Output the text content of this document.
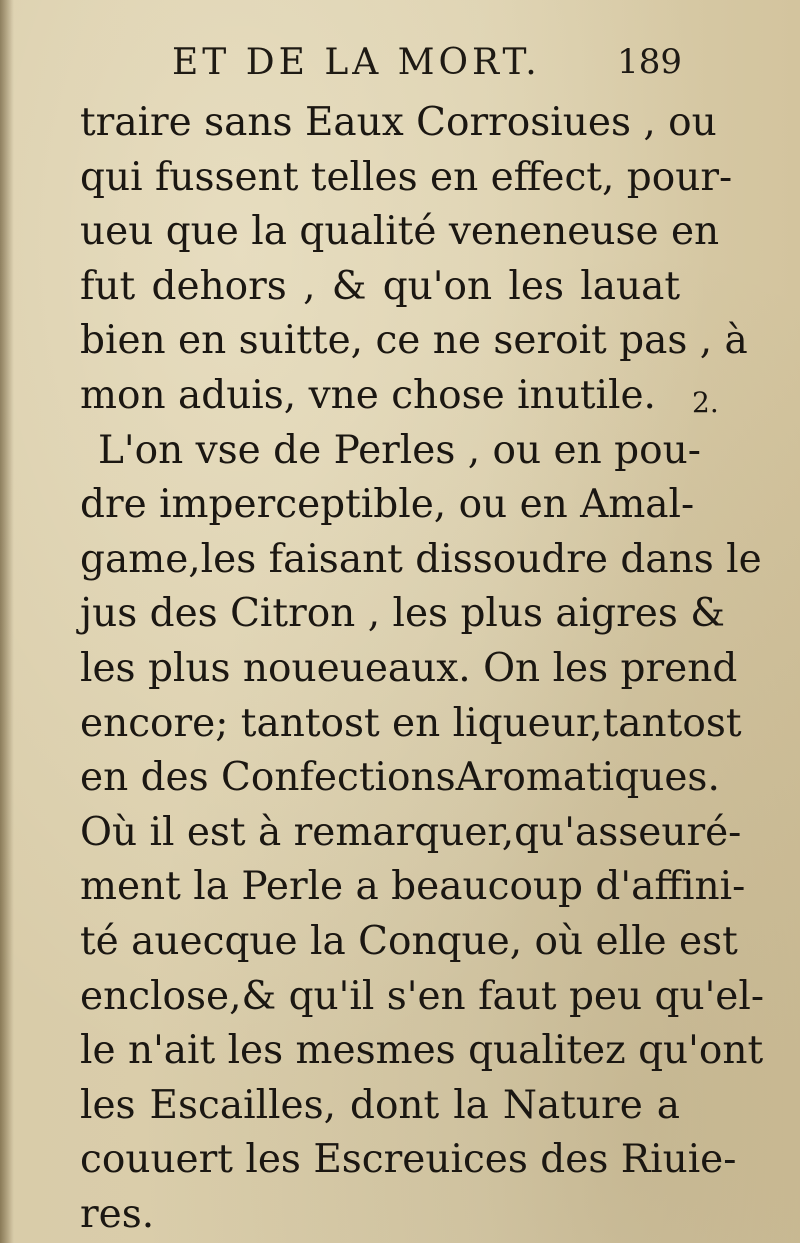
ET DE LA MORT. 189
traire sans Eaux Corrosiues , ou
qui fussent telles en effect, pour-
ueu que la qualité veneneuse en
fut dehors , & qu'on les lauat
bien en suitte, ce ne seroit pas , à
mon aduis, vne chose inutile.
L'on vse de Perles , ou en pou-
dre imperceptible, ou en Amal-
game,les faisant dissoudre dans le
jus des Citron , les plus aigres &
les plus noueueaux. On les prend
encore; tantost en liqueur,tantost
en des ConfectionsAromatiques.
Où il est à remarquer,qu'asseuré-
ment la Perle a beaucoup d'affini-
té auecque la Conque, où elle est
enclose,& qu'il s'en faut peu qu'el-
le n'ait les mesmes qualitez qu'ont
les Escailles, dont la Nature a
couuert les Escreuices des Riuie-
res.
2.
